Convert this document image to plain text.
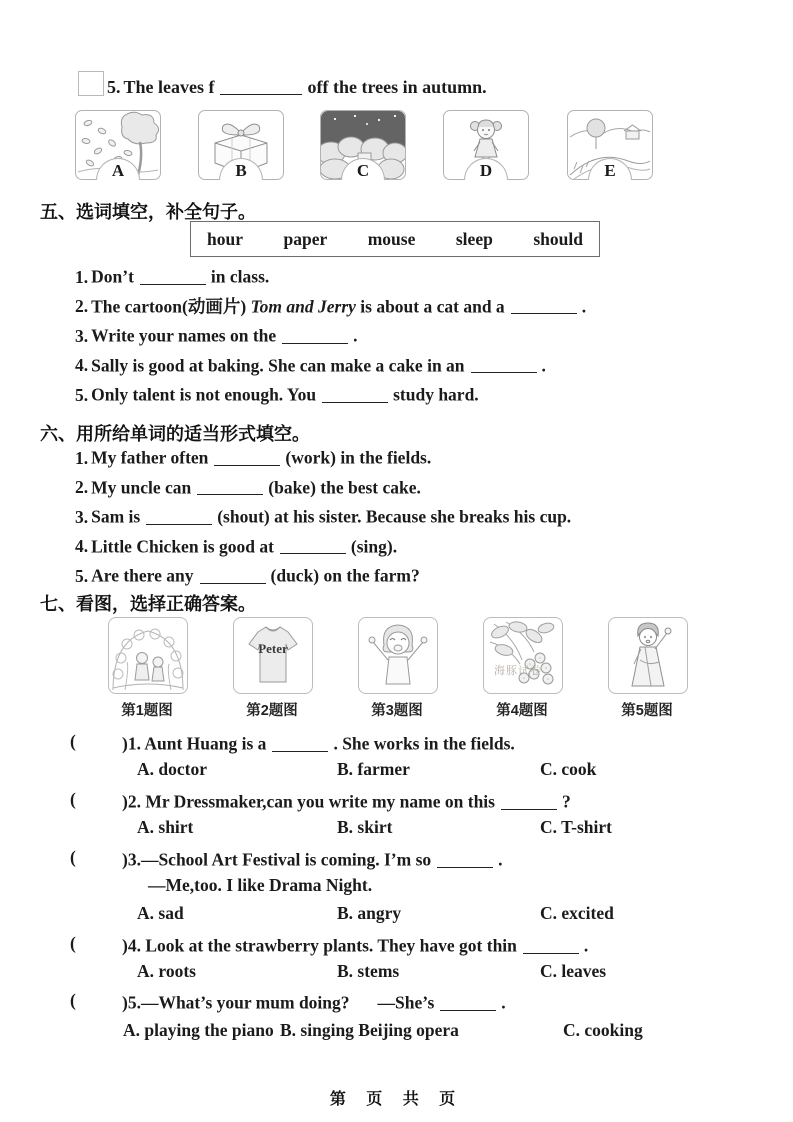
5. The leaves f	off the trees in autumn.
A	B	C	D	E
五、选词填空，补全句子。
hour paper mouse sleep should
1. Don’t	in class.
2. The cartoon(动画片) Tom and Jerry is about a cat and a	.
3. Write your names on the	.
4. Sally is good at baking. She can make a cake in an	.
5. Only talent is not enough. You	study hard.
六、用所给单词的适当形式填空。
1. My father often	(work) in the fields.
2. My uncle can	(bake) the best cake.
3. Sam is	(shout) at his sister. Because she breaks his cup.
4. Little Chicken is good at	(sing).
5. Are there any	(duck) on the farm?
七、看图，选择正确答案。
第1题图
Peter
第2题图	第3题图
海豚试卷
第4题图	第5题图
(	)1. Aunt Huang is a	. She works in the fields.
A. doctor	B. farmer	C. cook
(	)2. Mr Dressmaker,can you write my name on this	?
A. shirt	B. skirt	C. T-shirt
(	)3.—School Art Festival is coming. I’m so	.
—Me,too. I like Drama Night.
A. sad	B. angry	C. excited
(	)4. Look at the strawberry plants. They have got thin	.
A. roots	B. stems	C. leaves
(	)5.—What’s your mum doing? —She’s	.
A. playing the piano B. singing Beijing opera	C. cooking
第 页 共 页
